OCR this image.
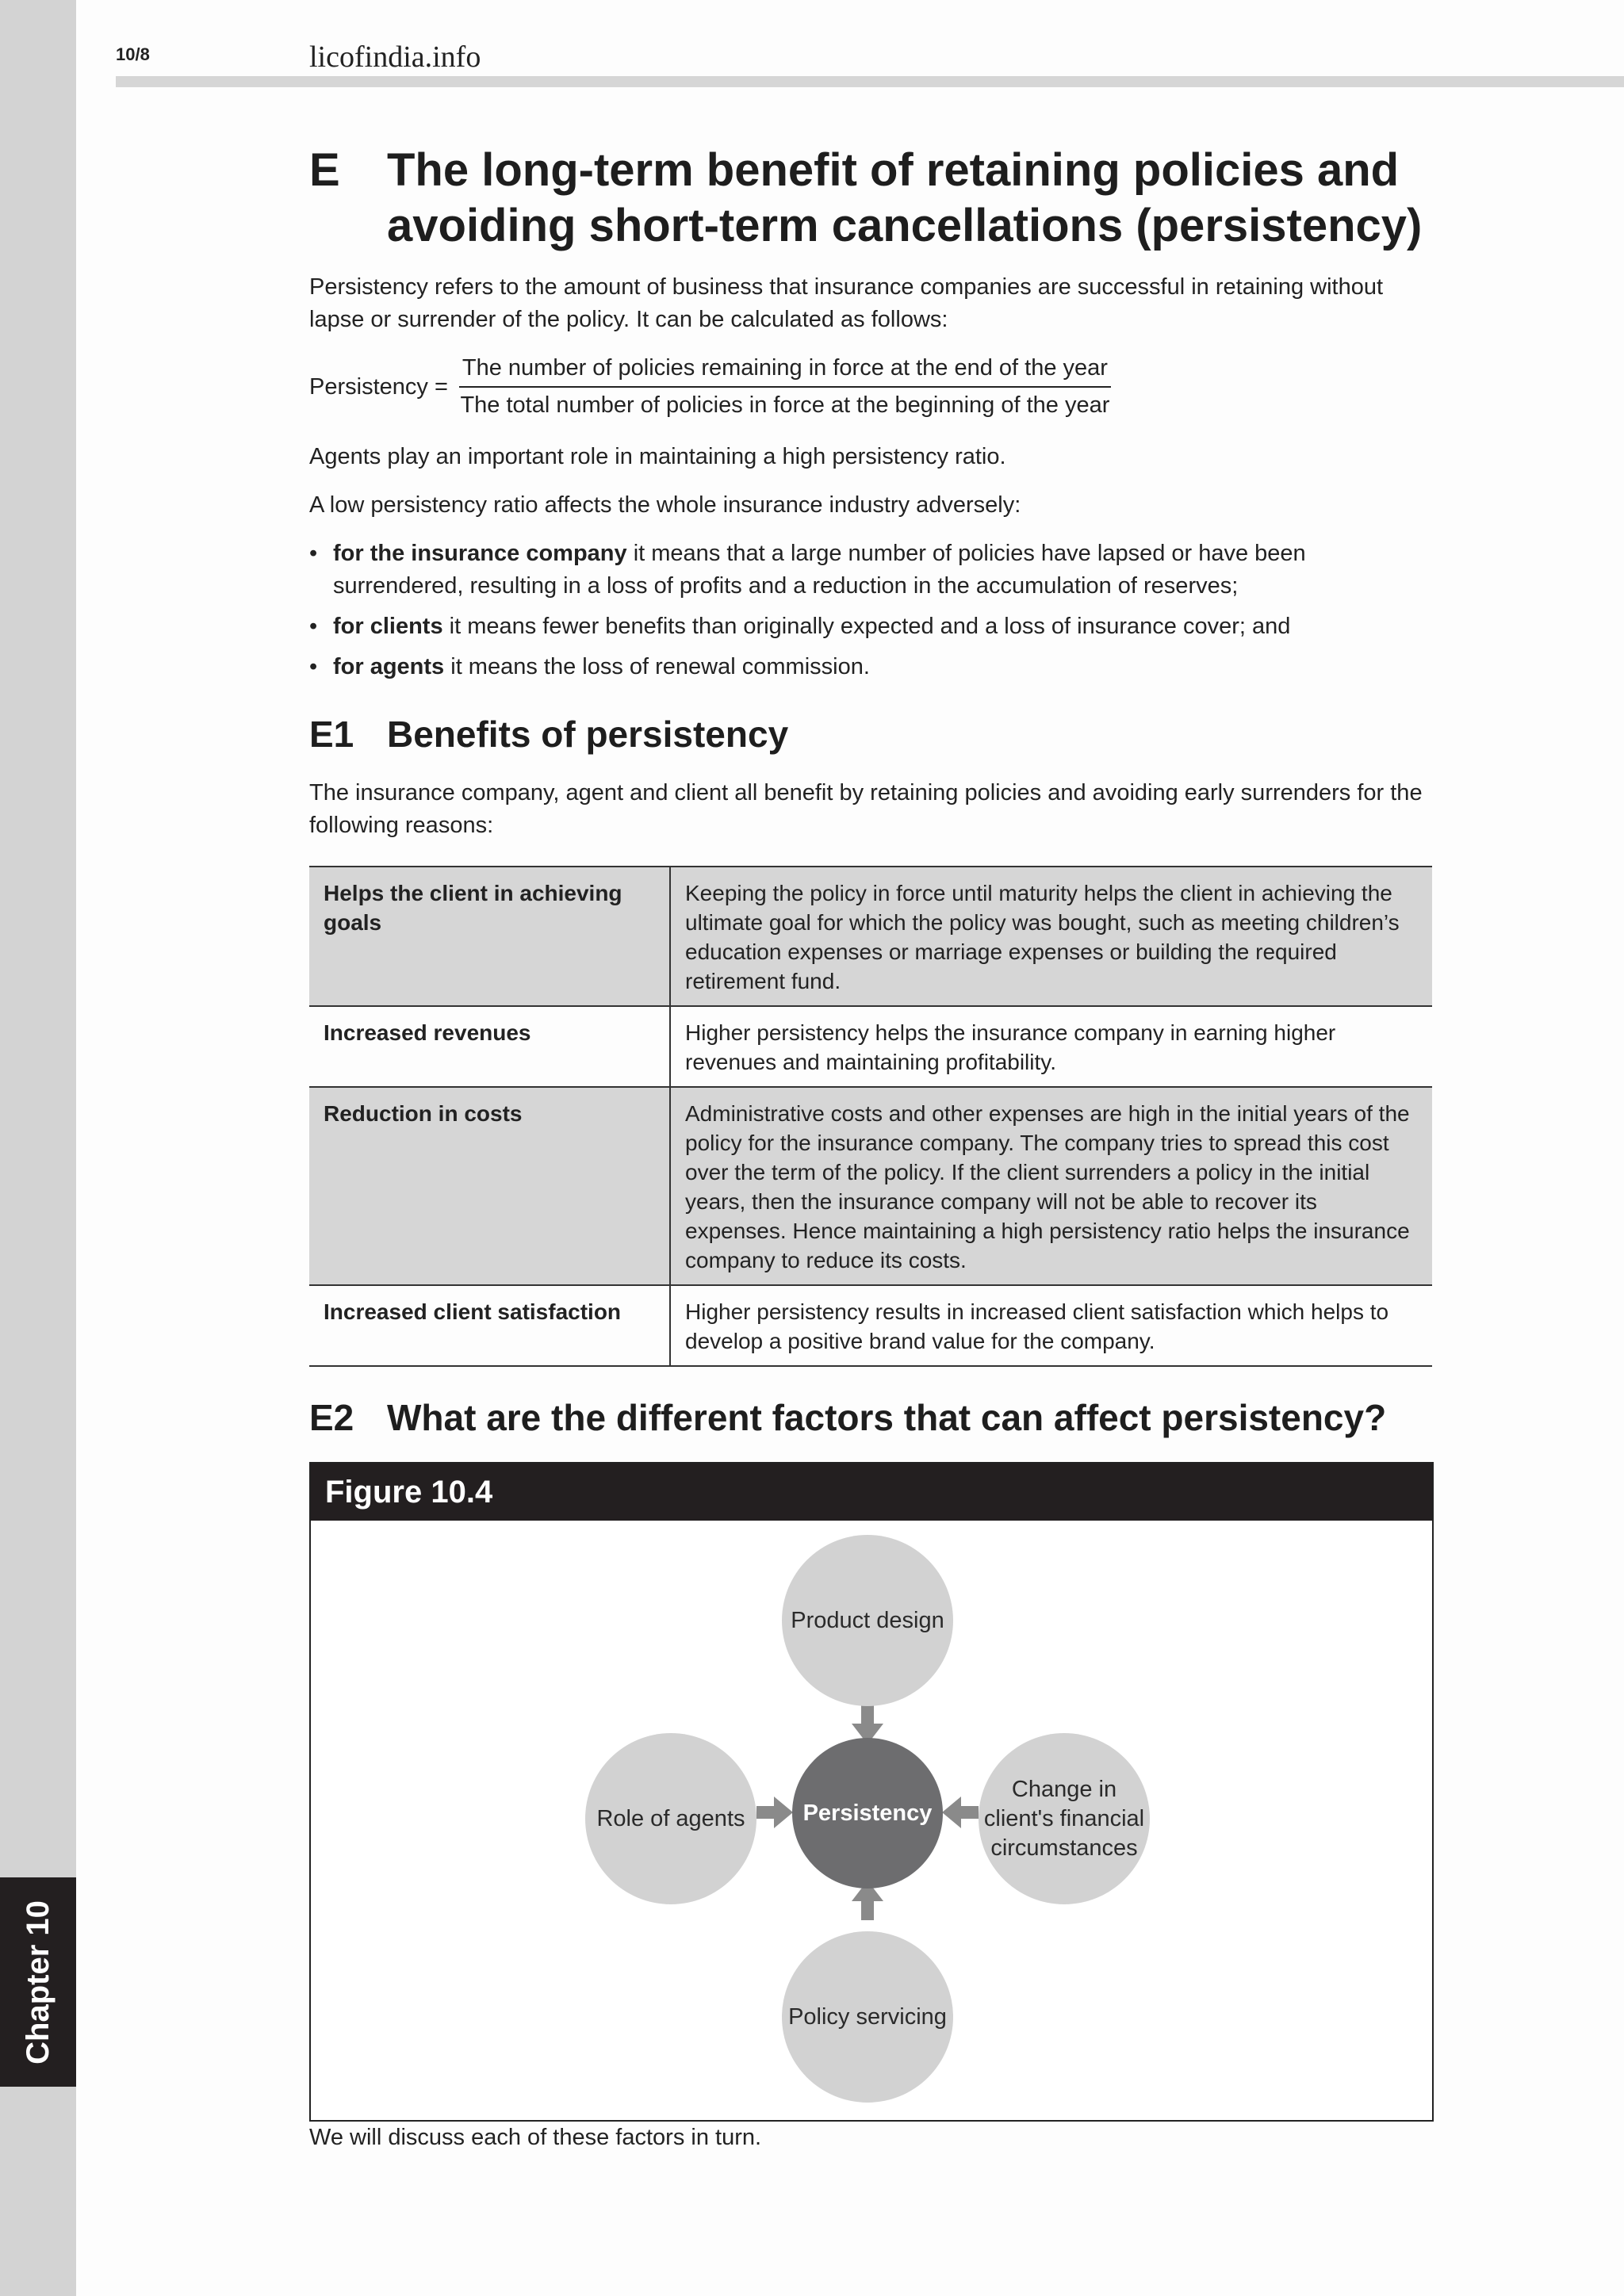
Chapter 10
10/8	licofindia.info
E	The long-term benefit of retaining policies and
avoiding short-term cancellations (persistency)

Persistency refers to the amount of business that insurance companies are successful in retaining without lapse or surrender of the policy. It can be calculated as follows:

Persistency =
The number of policies remaining in force at the end of the year
The total number of policies in force at the beginning of the year

Agents play an important role in maintaining a high persistency ratio.

A low persistency ratio affects the whole insurance industry adversely:

• for the insurance company it means that a large number of policies have lapsed or have been surrendered, resulting in a loss of profits and a reduction in the accumulation of reserves;
• for clients it means fewer benefits than originally expected and a loss of insurance cover; and
• for agents it means the loss of renewal commission.
E1 Benefits of persistency

The insurance company, agent and client all benefit by retaining policies and avoiding early surrenders for the following reasons:

Helps the client in achieving goals	Keeping the policy in force until maturity helps the client in achieving the ultimate goal for which the policy was bought, such as meeting children’s education expenses or marriage expenses or building the required retirement fund.
Increased revenues	Higher persistency helps the insurance company in earning higher revenues and maintaining profitability.
Reduction in costs	Administrative costs and other expenses are high in the initial years of the policy for the insurance company. The company tries to spread this cost over the term of the policy. If the client surrenders a policy in the initial years, then the insurance company will not be able to recover its expenses. Hence maintaining a high persistency ratio helps the insurance company to reduce its costs.
Increased client satisfaction	Higher persistency results in increased client satisfaction which helps to develop a positive brand value for the company.
E2 What are the different factors that can affect persistency?
Figure 10.4
Product design
Role of agents	Persistency
Change in client's financial circumstances
Policy servicing

We will discuss each of these factors in turn.
